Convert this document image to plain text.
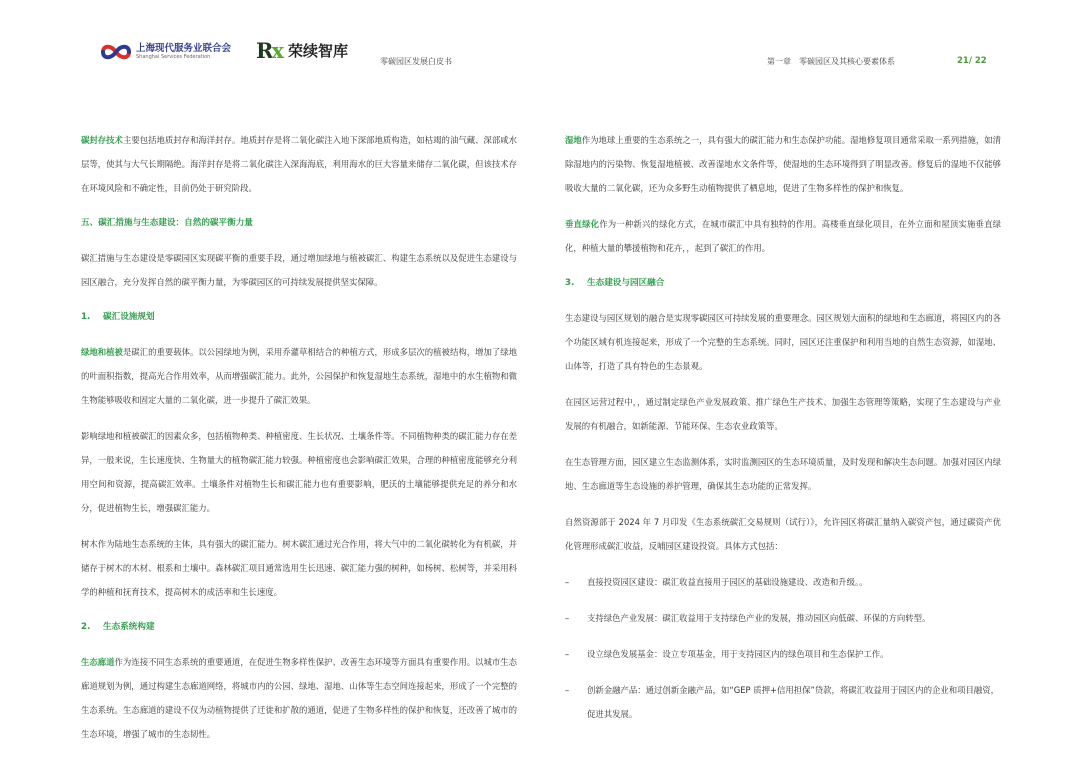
上海现代服务业联合会
Shanghai Services Federation	Rx 荣续智库
零碳园区发展白皮书	第一章　零碳园区及其核心要素体系	21/ 22

碳封存技术主要包括地质封存和海洋封存。地质封存是将二氧化碳注入地下深部地质构造，如枯竭的油气藏、深部咸水层等，使其与大气长期隔绝。海洋封存是将二氧化碳注入深海海底，利用海水的巨大容量来储存二氧化碳，但该技术存在环境风险和不确定性，目前仍处于研究阶段。

五、碳汇措施与生态建设：自然的碳平衡力量

碳汇措施与生态建设是零碳园区实现碳平衡的重要手段，通过增加绿地与植被碳汇、构建生态系统以及促进生态建设与园区融合，充分发挥自然的碳平衡力量，为零碳园区的可持续发展提供坚实保障。

1. 碳汇设施规划

绿地和植被是碳汇的重要载体。以公园绿地为例，采用乔灌草相结合的种植方式，形成多层次的植被结构，增加了绿地的叶面积指数，提高光合作用效率，从而增强碳汇能力。此外，公园保护和恢复湿地生态系统，湿地中的水生植物和微生物能够吸收和固定大量的二氧化碳，进一步提升了碳汇效果。

影响绿地和植被碳汇的因素众多，包括植物种类、种植密度、生长状况、土壤条件等。不同植物种类的碳汇能力存在差异，一般来说，生长速度快、生物量大的植物碳汇能力较强。种植密度也会影响碳汇效果，合理的种植密度能够充分利用空间和资源，提高碳汇效率。土壤条件对植物生长和碳汇能力也有重要影响，肥沃的土壤能够提供充足的养分和水分，促进植物生长，增强碳汇能力。

树木作为陆地生态系统的主体，具有强大的碳汇能力。树木碳汇通过光合作用，将大气中的二氧化碳转化为有机碳，并储存于树木的木材、根系和土壤中。森林碳汇项目通常选用生长迅速、碳汇能力强的树种，如杨树、松树等，并采用科学的种植和抚育技术，提高树木的成活率和生长速度。

2. 生态系统构建

生态廊道作为连接不同生态系统的重要通道，在促进生物多样性保护、改善生态环境等方面具有重要作用。以城市生态廊道规划为例，通过构建生态廊道网络，将城市内的公园、绿地、湿地、山体等生态空间连接起来，形成了一个完整的生态系统。生态廊道的建设不仅为动植物提供了迁徙和扩散的通道，促进了生物多样性的保护和恢复，还改善了城市的生态环境，增强了城市的生态韧性。

湿地作为地球上重要的生态系统之一，具有强大的碳汇能力和生态保护功能。湿地修复项目通常采取一系列措施，如清除湿地内的污染物、恢复湿地植被、改善湿地水文条件等，使湿地的生态环境得到了明显改善。修复后的湿地不仅能够吸收大量的二氧化碳，还为众多野生动植物提供了栖息地，促进了生物多样性的保护和恢复。

垂直绿化作为一种新兴的绿化方式，在城市碳汇中具有独特的作用。高楼垂直绿化项目，在外立面和屋顶实施垂直绿化，种植大量的攀援植物和花卉，，起到了碳汇的作用。

3. 生态建设与园区融合

生态建设与园区规划的融合是实现零碳园区可持续发展的重要理念。园区规划大面积的绿地和生态廊道，将园区内的各个功能区域有机连接起来，形成了一个完整的生态系统。同时，园区还注重保护和利用当地的自然生态资源，如湿地、山体等，打造了具有特色的生态景观。

在园区运营过程中，，通过制定绿色产业发展政策、推广绿色生产技术、加强生态管理等策略，实现了生态建设与产业发展的有机融合，如新能源、节能环保、生态农业政策等。

在生态管理方面，园区建立生态监测体系，实时监测园区的生态环境质量，及时发现和解决生态问题。加强对园区内绿地、生态廊道等生态设施的养护管理，确保其生态功能的正常发挥。

自然资源部于 2024 年 7 月印发《生态系统碳汇交易规则（试行）》，允许园区将碳汇量纳入碳资产包，通过碳资产优化管理形成碳汇收益，反哺园区建设投资。具体方式包括：

– 直接投资园区建设：碳汇收益直接用于园区的基础设施建设、改造和升级。。
– 支持绿色产业发展：碳汇收益用于支持绿色产业的发展，推动园区向低碳、环保的方向转型。
– 设立绿色发展基金：设立专项基金，用于支持园区内的绿色项目和生态保护工作。
– 创新金融产品：通过创新金融产品，如“GEP 质押+信用担保”贷款，将碳汇收益用于园区内的企业和项目融资，促进其发展。
